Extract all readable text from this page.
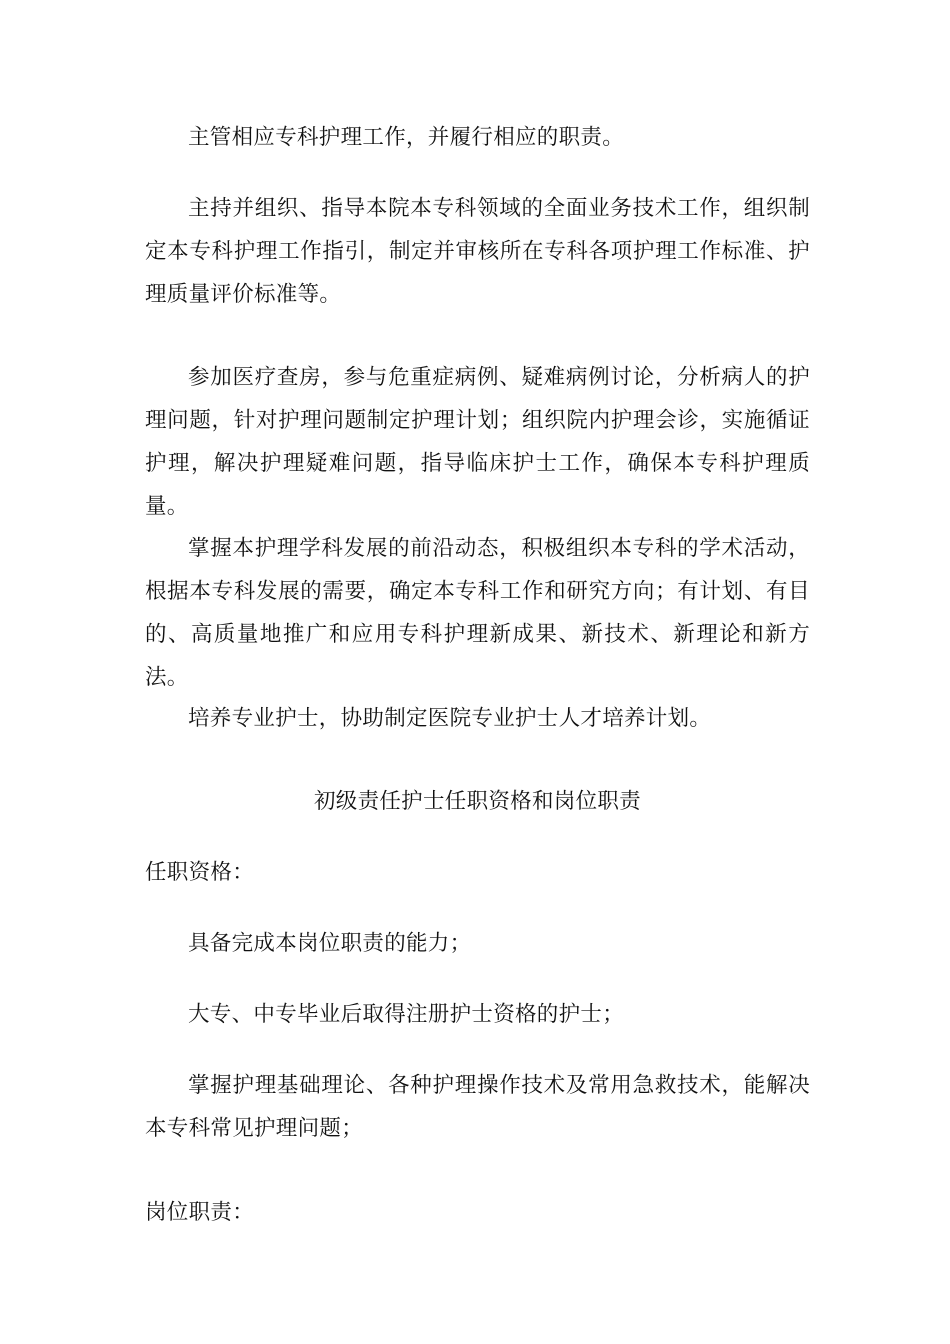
主管相应专科护理工作，并履行相应的职责。

主持并组织、指导本院本专科领域的全面业务技术工作，组织制定本专科护理工作指引，制定并审核所在专科各项护理工作标准、护理质量评价标准等。

参加医疗查房，参与危重症病例、疑难病例讨论，分析病人的护理问题，针对护理问题制定护理计划；组织院内护理会诊，实施循证护理，解决护理疑难问题，指导临床护士工作，确保本专科护理质量。

掌握本护理学科发展的前沿动态，积极组织本专科的学术活动，根据本专科发展的需要，确定本专科工作和研究方向；有计划、有目的、高质量地推广和应用专科护理新成果、新技术、新理论和新方法。

培养专业护士，协助制定医院专业护士人才培养计划。

初级责任护士任职资格和岗位职责

任职资格：

具备完成本岗位职责的能力；

大专、中专毕业后取得注册护士资格的护士；

掌握护理基础理论、各种护理操作技术及常用急救技术，能解决本专科常见护理问题；

岗位职责：
